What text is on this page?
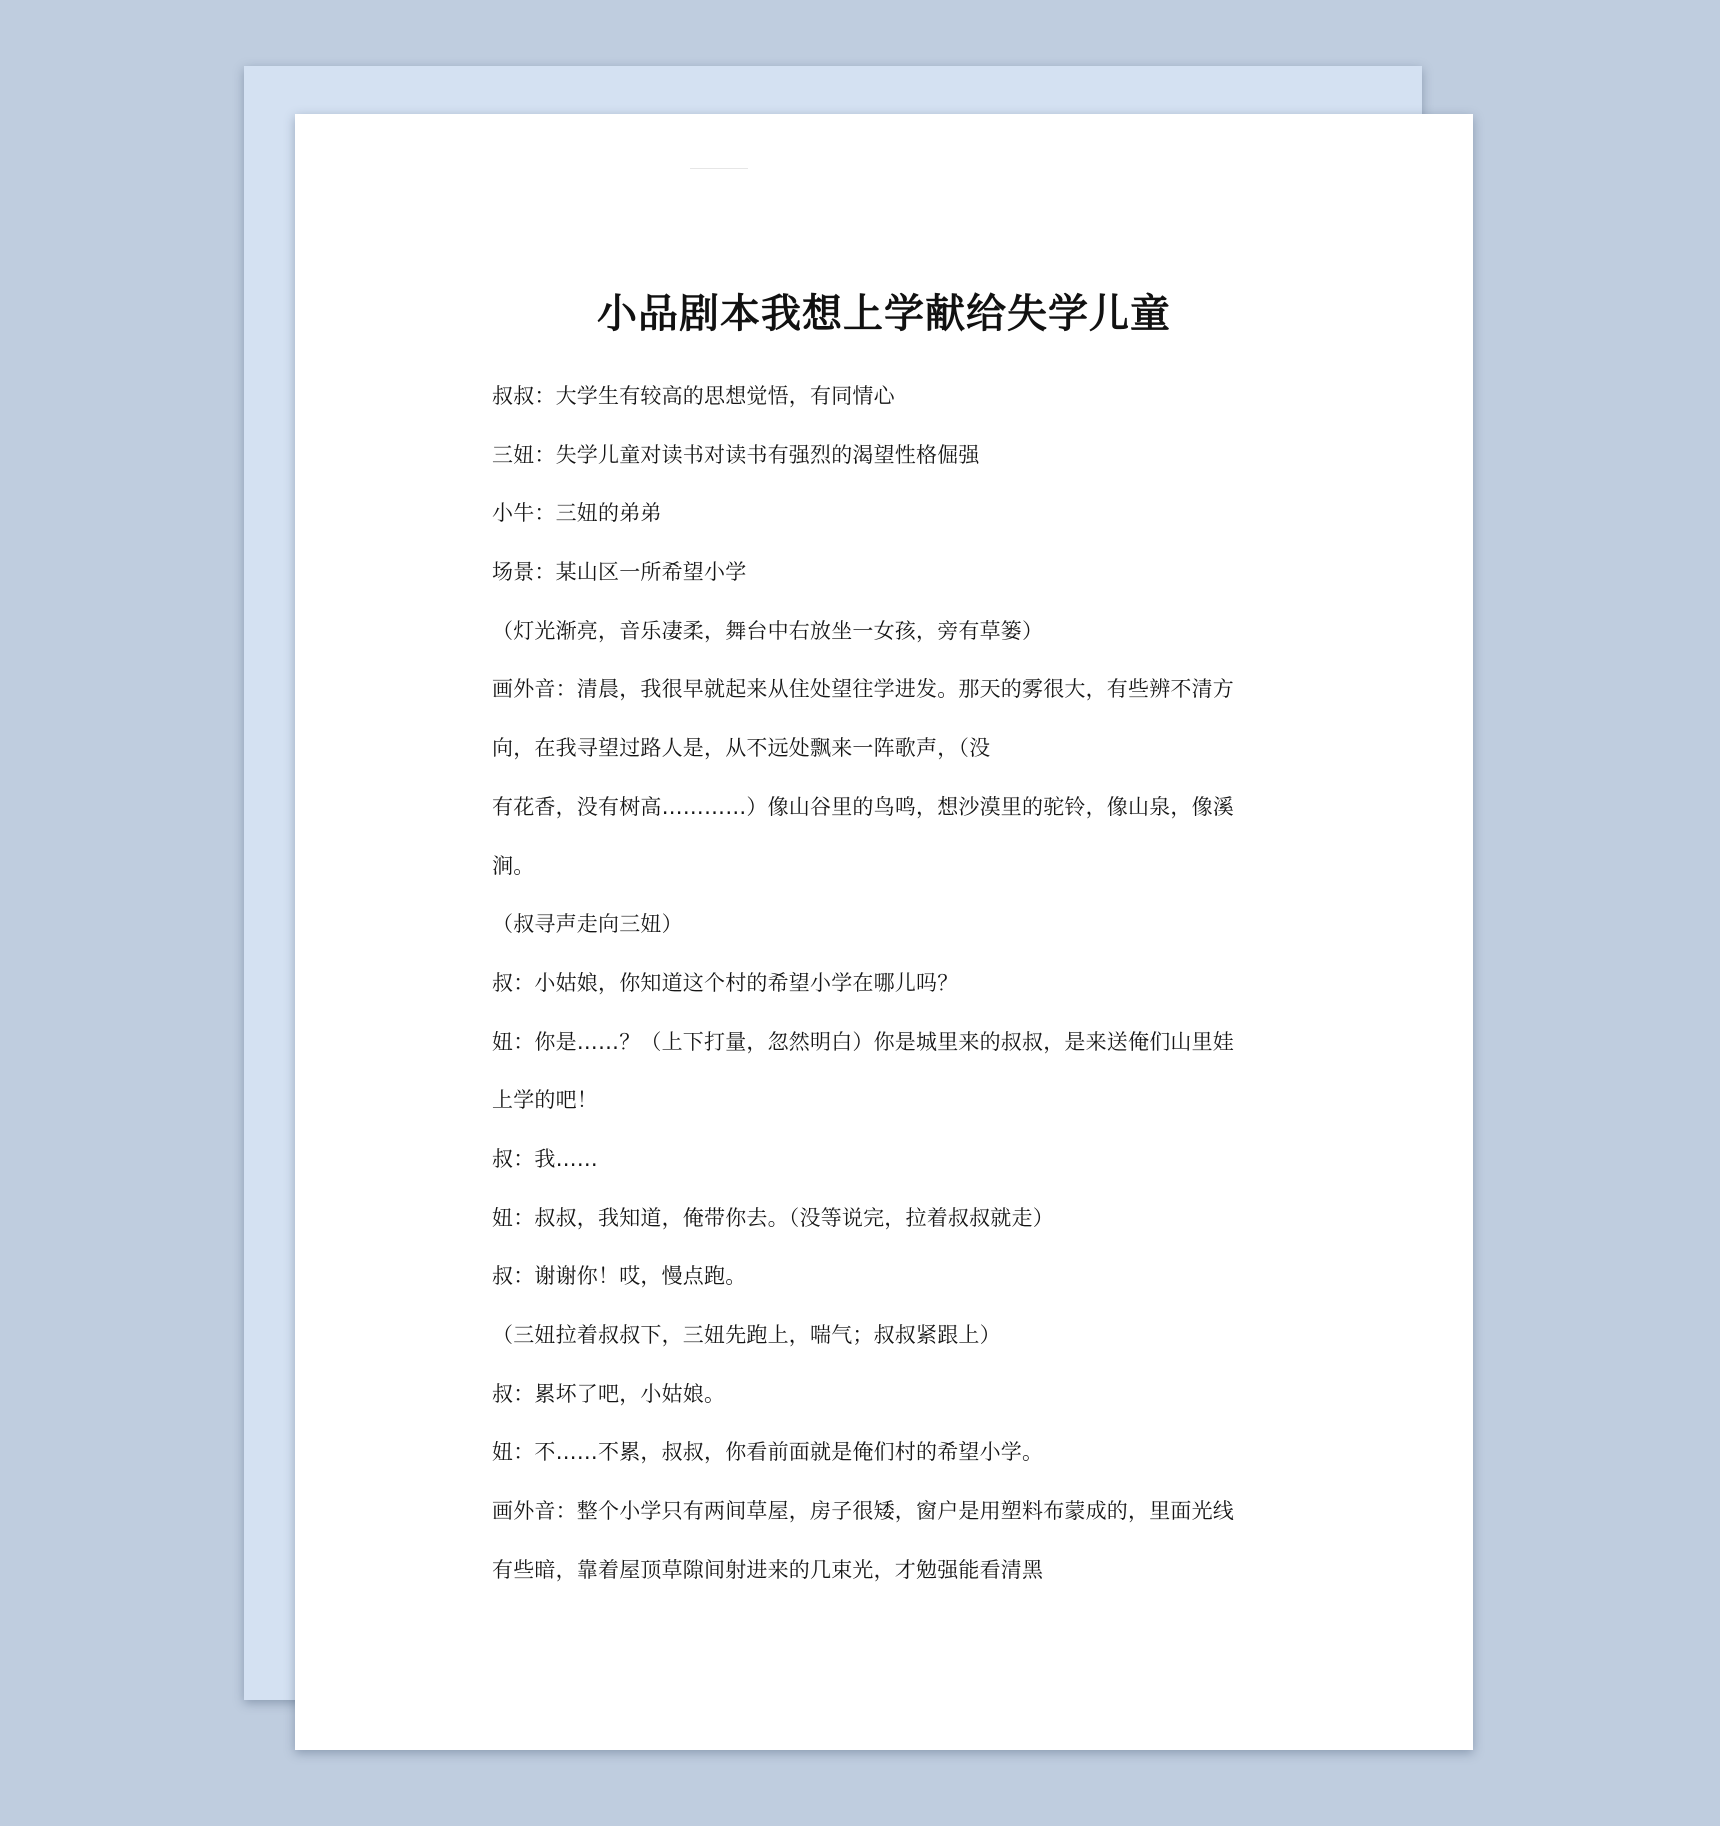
小品剧本我想上学献给失学儿童
叔叔：大学生有较高的思想觉悟，有同情心
三妞：失学儿童对读书对读书有强烈的渴望性格倔强
小牛：三妞的弟弟
场景：某山区一所希望小学
（灯光渐亮，音乐凄柔，舞台中右放坐一女孩，旁有草篓）
画外音：清晨，我很早就起来从住处望往学进发。那天的雾很大，有些辨不清方
向，在我寻望过路人是，从不远处飘来一阵歌声，（没
有花香，没有树高…………）像山谷里的鸟鸣，想沙漠里的驼铃，像山泉，像溪
涧。
（叔寻声走向三妞）
叔：小姑娘，你知道这个村的希望小学在哪儿吗？
妞：你是……？（上下打量，忽然明白）你是城里来的叔叔，是来送俺们山里娃
上学的吧！
叔：我……
妞：叔叔，我知道，俺带你去。（没等说完，拉着叔叔就走）
叔：谢谢你！哎，慢点跑。
（三妞拉着叔叔下，三妞先跑上，喘气；叔叔紧跟上）
叔：累坏了吧，小姑娘。
妞：不……不累，叔叔，你看前面就是俺们村的希望小学。
画外音：整个小学只有两间草屋，房子很矮，窗户是用塑料布蒙成的，里面光线
有些暗，靠着屋顶草隙间射进来的几束光，才勉强能看清黑
